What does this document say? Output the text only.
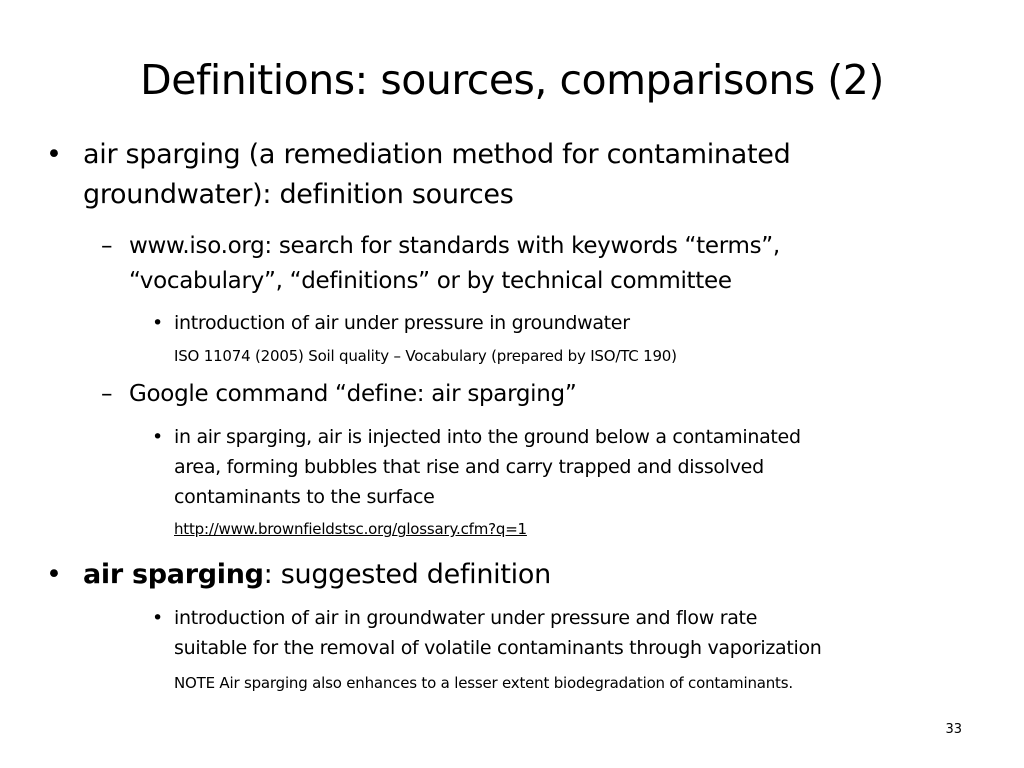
Definitions: sources, comparisons (2)
• air sparging (a remediation method for contaminated
groundwater): definition sources
– www.iso.org: search for standards with keywords “terms”,
“vocabulary”, “definitions” or by technical committee
• introduction of air under pressure in groundwater
ISO 11074 (2005) Soil quality – Vocabulary (prepared by ISO/TC 190)
– Google command “define: air sparging”
• in air sparging, air is injected into the ground below a contaminated
area, forming bubbles that rise and carry trapped and dissolved
contaminants to the surface
http://www.brownfieldstsc.org/glossary.cfm?q=1
• air sparging: suggested definition
• introduction of air in groundwater under pressure and flow rate
suitable for the removal of volatile contaminants through vaporization
NOTE Air sparging also enhances to a lesser extent biodegradation of contaminants.
33
